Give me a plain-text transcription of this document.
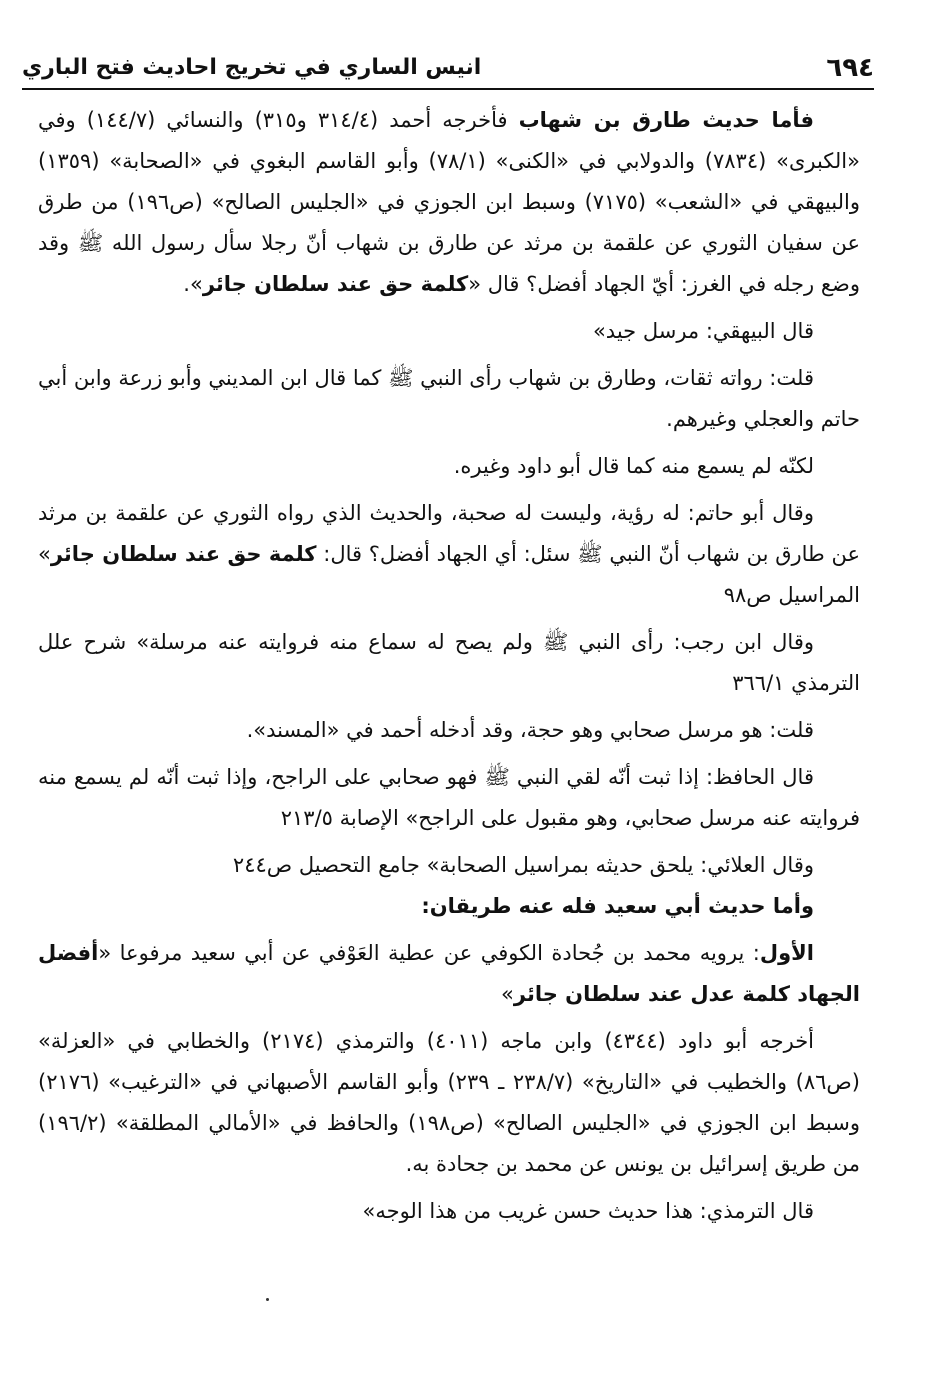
٦٩٤
انيس الساري في تخريج احاديث فتح الباري

فأما حديث طارق بن شهاب فأخرجه أحمد (٣١٤/٤ و٣١٥) والنسائي (١٤٤/٧) وفي «الكبرى» (٧٨٣٤) والدولابي في «الكنى» (٧٨/١) وأبو القاسم البغوي في «الصحابة» (١٣٥٩) والبيهقي في «الشعب» (٧١٧٥) وسبط ابن الجوزي في «الجليس الصالح» (ص١٩٦) من طرق عن سفيان الثوري عن علقمة بن مرثد عن طارق بن شهاب أنّ رجلا سأل رسول الله ﷺ وقد وضع رجله في الغرز: أيّ الجهاد أفضل؟ قال «كلمة حق عند سلطان جائر».

قال البيهقي: مرسل جيد»

قلت: رواته ثقات، وطارق بن شهاب رأى النبي ﷺ كما قال ابن المديني وأبو زرعة وابن أبي حاتم والعجلي وغيرهم.

لكنّه لم يسمع منه كما قال أبو داود وغيره.

وقال أبو حاتم: له رؤية، وليست له صحبة، والحديث الذي رواه الثوري عن علقمة بن مرثد عن طارق بن شهاب أنّ النبي ﷺ سئل: أي الجهاد أفضل؟ قال: كلمة حق عند سلطان جائر» المراسيل ص٩٨

وقال ابن رجب: رأى النبي ﷺ ولم يصح له سماع منه فروايته عنه مرسلة» شرح علل الترمذي ٣٦٦/١

قلت: هو مرسل صحابي وهو حجة، وقد أدخله أحمد في «المسند».

قال الحافظ: إذا ثبت أنّه لقي النبي ﷺ فهو صحابي على الراجح، وإذا ثبت أنّه لم يسمع منه فروايته عنه مرسل صحابي، وهو مقبول على الراجح» الإصابة ٢١٣/٥

وقال العلائي: يلحق حديثه بمراسيل الصحابة» جامع التحصيل ص٢٤٤

وأما حديث أبي سعيد فله عنه طريقان:

الأول: يرويه محمد بن جُحادة الكوفي عن عطية العَوْفي عن أبي سعيد مرفوعا «أفضل الجهاد كلمة عدل عند سلطان جائر»

أخرجه أبو داود (٤٣٤٤) وابن ماجه (٤٠١١) والترمذي (٢١٧٤) والخطابي في «العزلة» (ص٨٦) والخطيب في «التاريخ» (٢٣٨/٧ ـ ٢٣٩) وأبو القاسم الأصبهاني في «الترغيب» (٢١٧٦) وسبط ابن الجوزي في «الجليس الصالح» (ص١٩٨) والحافظ في «الأمالي المطلقة» (١٩٦/٢) من طريق إسرائيل بن يونس عن محمد بن جحادة به.

قال الترمذي: هذا حديث حسن غريب من هذا الوجه»
